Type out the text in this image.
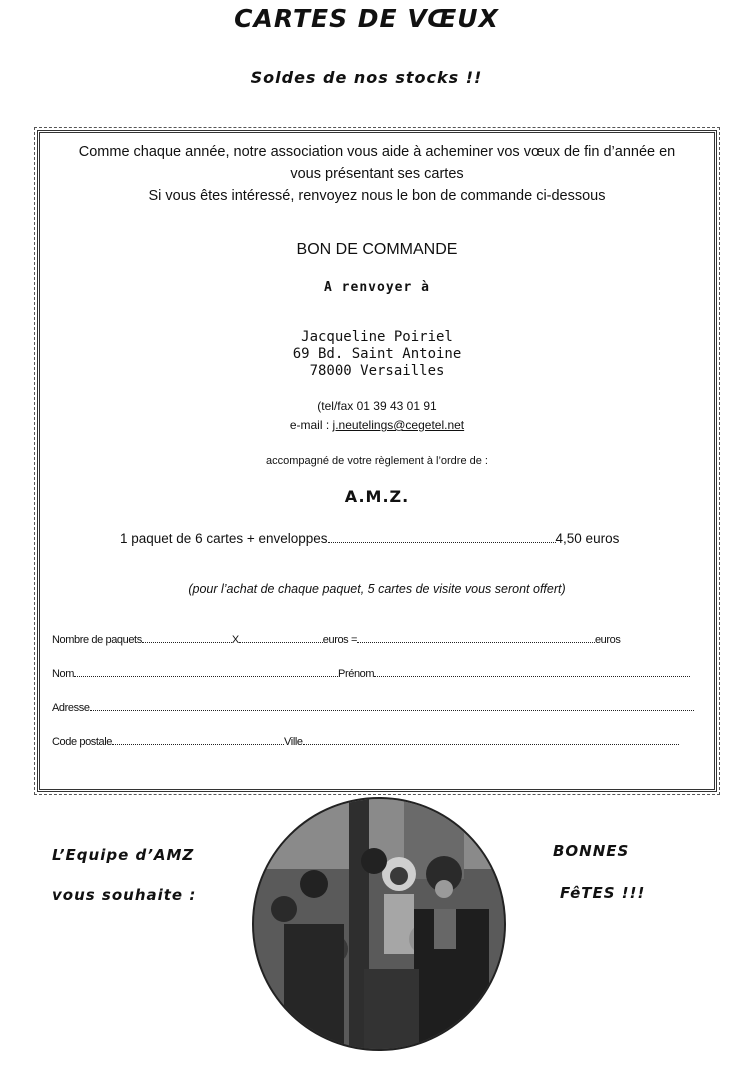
CARTES DE VŒUX
Soldes de nos stocks !!
Comme chaque année, notre association vous aide à acheminer vos vœux de fin d’année en
vous présentant ses cartes
Si vous êtes intéressé, renvoyez nous le bon de commande ci-dessous
BON DE COMMANDE
A renvoyer à
Jacqueline Poiriel
69 Bd. Saint Antoine
78000 Versailles
(tel/fax 01 39 43 01 91
e-mail : j.neutelings@cegetel.net
accompagné de votre règlement à l’ordre de :
A.M.Z.
1 paquet de 6 cartes + enveloppes	4,50 euros
(pour l’achat de chaque paquet, 5 cartes de visite vous seront offert)
Nombre de paquets	X	euros =	euros
Nom	Prénom
Adresse
Code postale	Ville
L’Equipe d’AMZ
vous souhaite :
BONNES
FêTES !!!
